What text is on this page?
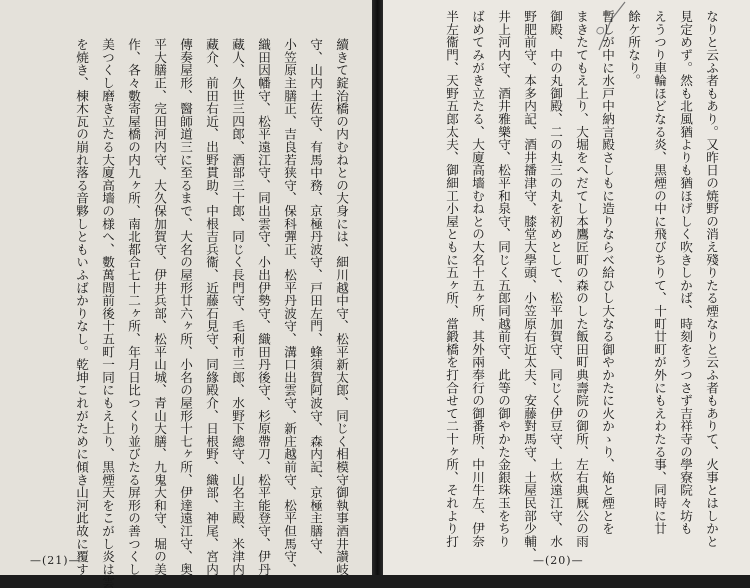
續きて錠治橋の内むねとの大身には、細川越中守、松平新太郎、同じく相模守御執事酒井讃岐
守、山内土佐守、有馬中務、京極丹波守、戸田左門、蜂須賀阿波守、森内記、京極主膳守、
小笠原主膳正、吉良若狭守、保科彈正、松平丹波守、溝口出雲守、新庄越前守、松平但馬守、
織田因幡守、松平遠江守、同出雲守、小出伊勢守、織田丹後守、杉原帶刀、松平能登守、伊丹
藏人、久世三四郎、酒部三十郎、同じく長門守、毛利市三郎、水野下總守、山名主殿、米津内
藏介、前田右近、出野貫助、中根吉兵衞、近藤石見守、同緣殿介、日根野、織部、神尾、宮内
傳奏屋形、醫師道三に至るまで、大名の屋形廿六ヶ所、小名の屋形十七ヶ所、伊達遠江守、奥
平大膳正、完田河内守、大久保加賀守、伊井兵部、松平山城、青山大膳、九鬼大和守、堀の美
作、各々數寄屋橋の内九ヶ所、南北都合七十二ヶ所、年月日比つくり並びたる屏形の善つくし
美つくし磨き立たる大廈高墻の様へ、數萬間前後十五町一同にもえ上り、黒煙天をこがし炎は雲
を焼き、棟木瓦の崩れ落る音夥しともいふばかりなし。乾坤これがために傾き山河此故に覆す
—(21)—
なりと云ふ者もあり。又昨日の焼野の消え殘りたる煙なりと云ふ者もありて、火事とはしかと
見定めず。然も北風猶よりも猶ほげしく吹きしかば、時刻をうつさず吉祥寺の學寮院々坊も
えうつり車輪ほどなる炎、黒煙の中に飛びちりて、十町廿町が外にもえわたる事、同時に廿
餘ケ所なり。
暫しが中に水戸中納言殿さしもに造りならべ給ひし大なる御やかたに火かゝり、焔と煙とを
まきたてもえ上り、大堀をへだてし本鷹匠町の森のした飯田町典壽院の御所、左右典厩公の雨
御殿、中の丸御殿、二の丸三の丸を初めとして、松平加賀守、同じく伊豆守、土炊遠江守、水
野肥前守、本多内記、酒井播津守、膝堂大學頭、小笠原右近太夫、安藤對馬守、土屋民部少輔、
井上河内守、酒井雅樂守、松平和泉守、同じく五郎同越前守、此等の御やかた金銀珠玉をちり
ばめてみがき立たる、大廈高墻むねとの大名十五ヶ所、其外兩奉行の御番所、中川牛左、伊奈
半左衞門、天野五郎太夫、御細工小屋ともに五ヶ所、當鍛橋を打合せて二十ヶ所、それより打
—(20)—
